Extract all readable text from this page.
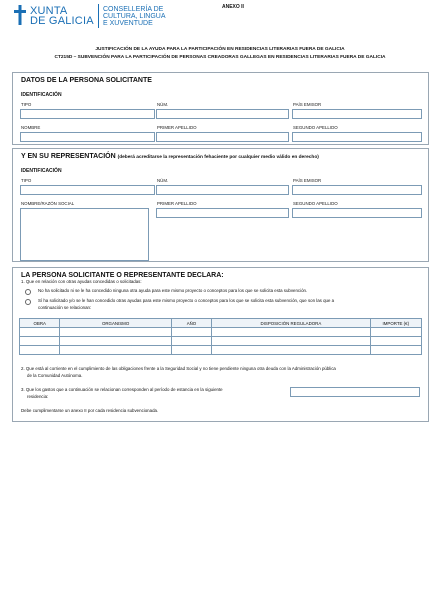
XUNTA
DE GALICIA
CONSELLERÍA DE
CULTURA, LINGUA
E XUVENTUDE
ANEXO II
JUSTIFICACIÓN DE LA AYUDA PARA LA PARTICIPACIÓN EN RESIDENCIAS LITERARIAS FUERA DE GALICIA
CT215D – SUBVENCIÓN PARA LA PARTICIPACIÓN DE PERSONAS CREADORAS GALLEGAS EN RESIDENCIAS LITERARIAS FUERA DE GALICIA
DATOS DE LA PERSONA SOLICITANTE
IDENTIFICACIÓN
TIPO	NÚM.	PAÍS EMISOR
NOMBRE	PRIMER APELLIDO	SEGUNDO APELLIDO
Y EN SU REPRESENTACIÓN (deberá acreditarse la representación fehaciente por cualquier medio válido en derecho)
IDENTIFICACIÓN
TIPO	NÚM.	PAÍS EMISOR
NOMBRE/RAZÓN SOCIAL	PRIMER APELLIDO	SEGUNDO APELLIDO
LA PERSONA SOLICITANTE O REPRESENTANTE DECLARA:
1. Que en relación con otras ayudas concedidas o solicitadas:
No ha solicitado ni se le ha concedido ninguna otra ayuda para este mismo proyecto o conceptos para los que se solicita esta subvención.
Sí ha solicitado y/o se le han concedido otras ayudas para este mismo proyecto o conceptos para los que se solicita esta subvención, que son las que a
continuación se relacionan:
OBRA	ORGANISMO	AÑO	DISPOSICIÓN REGULADORA	IMPORTE (€)

2. Que está al corriente en el cumplimiento de las obligaciones frente a la Seguridad Social y no tiene pendiente ninguna otra deuda con la Administración pública
de la Comunidad Autónoma.
3. Que los gastos que a continuación se relacionan corresponden al período de estancia en la siguiente
residencia:
Debe cumplimentarse un anexo II por cada residencia subvencionada.
